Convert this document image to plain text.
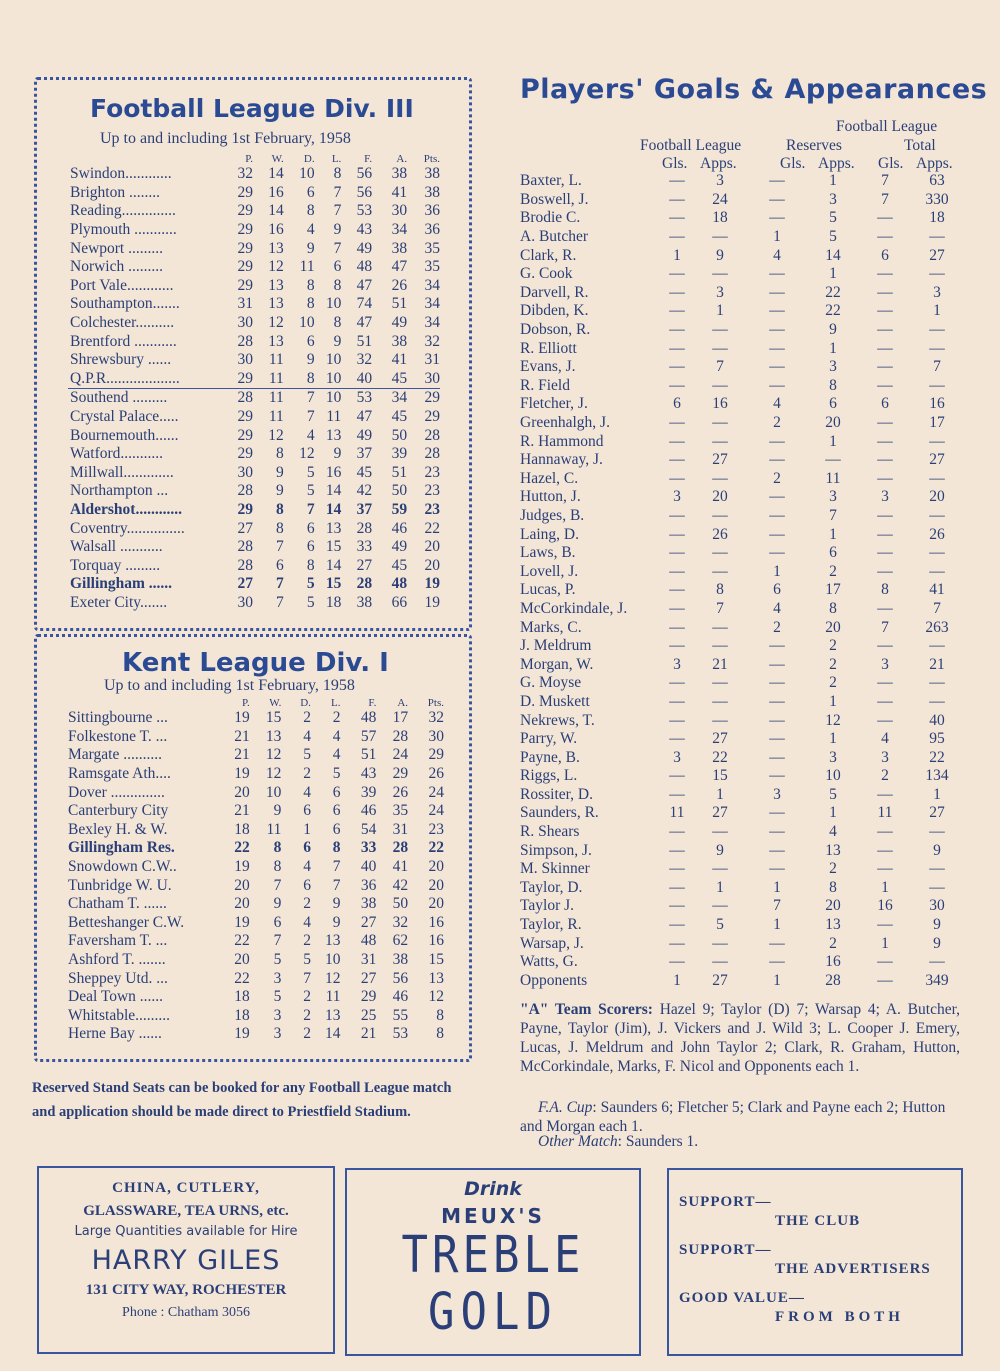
Football League Div. III
Up to and including 1st February, 1958
	P.	W.	D.	L.	F.	A.	Pts.
Swindon............	32	14	10	8	56	38	38
Brighton ........	29	16	6	7	56	41	38
Reading..............	29	14	8	7	53	30	36
Plymouth ...........	29	16	4	9	43	34	36
Newport .........	29	13	9	7	49	38	35
Norwich .........	29	12	11	6	48	47	35
Port Vale............	29	13	8	8	47	26	34
Southampton.......	31	13	8	10	74	51	34
Colchester..........	30	12	10	8	47	49	34
Brentford ...........	28	13	6	9	51	38	32
Shrewsbury ......	30	11	9	10	32	41	31
Q.P.R...................	29	11	8	10	40	45	30
Southend .........	28	11	7	10	53	34	29
Crystal Palace.....	29	11	7	11	47	45	29
Bournemouth......	29	12	4	13	49	50	28
Watford...........	29	8	12	9	37	39	28
Millwall.............	30	9	5	16	45	51	23
Northampton ...	28	9	5	14	42	50	23
Aldershot............	29	8	7	14	37	59	23
Coventry...............	27	8	6	13	28	46	22
Walsall ...........	28	7	6	15	33	49	20
Torquay .........	28	6	8	14	27	45	20
Gillingham ......	27	7	5	15	28	48	19
Exeter City.......	30	7	5	18	38	66	19
Kent League Div. I
Up to and including 1st February, 1958
	P.	W.	D.	L.	F.	A.	Pts.
Sittingbourne ...	19	15	2	2	48	17	32
Folkestone T. ...	21	13	4	4	57	28	30
Margate ..........	21	12	5	4	51	24	29
Ramsgate Ath....	19	12	2	5	43	29	26
Dover ..............	20	10	4	6	39	26	24
Canterbury City	21	9	6	6	46	35	24
Bexley H. & W.	18	11	1	6	54	31	23
Gillingham Res.	22	8	6	8	33	28	22
Snowdown C.W..	19	8	4	7	40	41	20
Tunbridge W. U.	20	7	6	7	36	42	20
Chatham T. ......	20	9	2	9	38	50	20
Betteshanger C.W.	19	6	4	9	27	32	16
Faversham T. ...	22	7	2	13	48	62	16
Ashford T. .......	20	5	5	10	31	38	15
Sheppey Utd. ...	22	3	7	12	27	56	13
Deal Town ......	18	5	2	11	29	46	12
Whitstable.........	18	3	2	13	25	55	8
Herne Bay ......	19	3	2	14	21	53	8
Reserved Stand Seats can be booked for any Football League match and application should be made direct to Priestfield Stadium.
Players' Goals & Appearances
Football League
Football League	Reserves	Total
Gls. Apps.	Gls. Apps. Gls. Apps.
Baxter, L.	—	3	—	1	7	63
Boswell, J.	—	24	—	3	7	330
Brodie C.	—	18	—	5	—	18
A. Butcher	—	—	1	5	—	—
Clark, R.	1	9	4	14	6	27
G. Cook	—	—	—	1	—	—
Darvell, R.	—	3	—	22	—	3
Dibden, K.	—	1	—	22	—	1
Dobson, R.	—	—	—	9	—	—
R. Elliott	—	—	—	1	—	—
Evans, J.	—	7	—	3	—	7
R. Field	—	—	—	8	—	—
Fletcher, J.	6	16	4	6	6	16
Greenhalgh, J.	—	—	2	20	—	17
R. Hammond	—	—	—	1	—	—
Hannaway, J.	—	27	—	—	—	27
Hazel, C.	—	—	2	11	—	—
Hutton, J.	3	20	—	3	3	20
Judges, B.	—	—	—	7	—	—
Laing, D.	—	26	—	1	—	26
Laws, B.	—	—	—	6	—	—
Lovell, J.	—	—	1	2	—	—
Lucas, P.	—	8	6	17	8	41
McCorkindale, J.	—	7	4	8	—	7
Marks, C.	—	—	2	20	7	263
J. Meldrum	—	—	—	2	—	—
Morgan, W.	3	21	—	2	3	21
G. Moyse	—	—	—	2	—	—
D. Muskett	—	—	—	1	—	—
Nekrews, T.	—	—	—	12	—	40
Parry, W.	—	27	—	1	4	95
Payne, B.	3	22	—	3	3	22
Riggs, L.	—	15	—	10	2	134
Rossiter, D.	—	1	3	5	—	1
Saunders, R.	11	27	—	1	11	27
R. Shears	—	—	—	4	—	—
Simpson, J.	—	9	—	13	—	9
M. Skinner	—	—	—	2	—	—
Taylor, D.	—	1	1	8	1	—
Taylor J.	—	—	7	20	16	30
Taylor, R.	—	5	1	13	—	9
Warsap, J.	—	—	—	2	1	9
Watts, G.	—	—	—	16	—	—
Opponents	1	27	1	28	—	349
"A" Team Scorers: Hazel 9; Taylor (D) 7; Warsap 4; A. Butcher, Payne, Taylor (Jim), J. Vickers and J. Wild 3; L. Cooper J. Emery, Lucas, J. Meldrum and John Taylor 2; Clark, R. Graham, Hutton, McCorkindale, Marks, F. Nicol and Opponents each 1.
F.A. Cup: Saunders 6; Fletcher 5; Clark and Payne each 2; Hutton and Morgan each 1.
Other Match: Saunders 1.
CHINA, CUTLERY,
GLASSWARE, TEA URNS, etc.
Large Quantities available for Hire
HARRY GILES
131 CITY WAY, ROCHESTER
Phone : Chatham 3056
Drink
MEUX'S
TREBLE
GOLD
SUPPORT—
THE CLUB
SUPPORT—
THE ADVERTISERS
GOOD VALUE—
FROM BOTH
